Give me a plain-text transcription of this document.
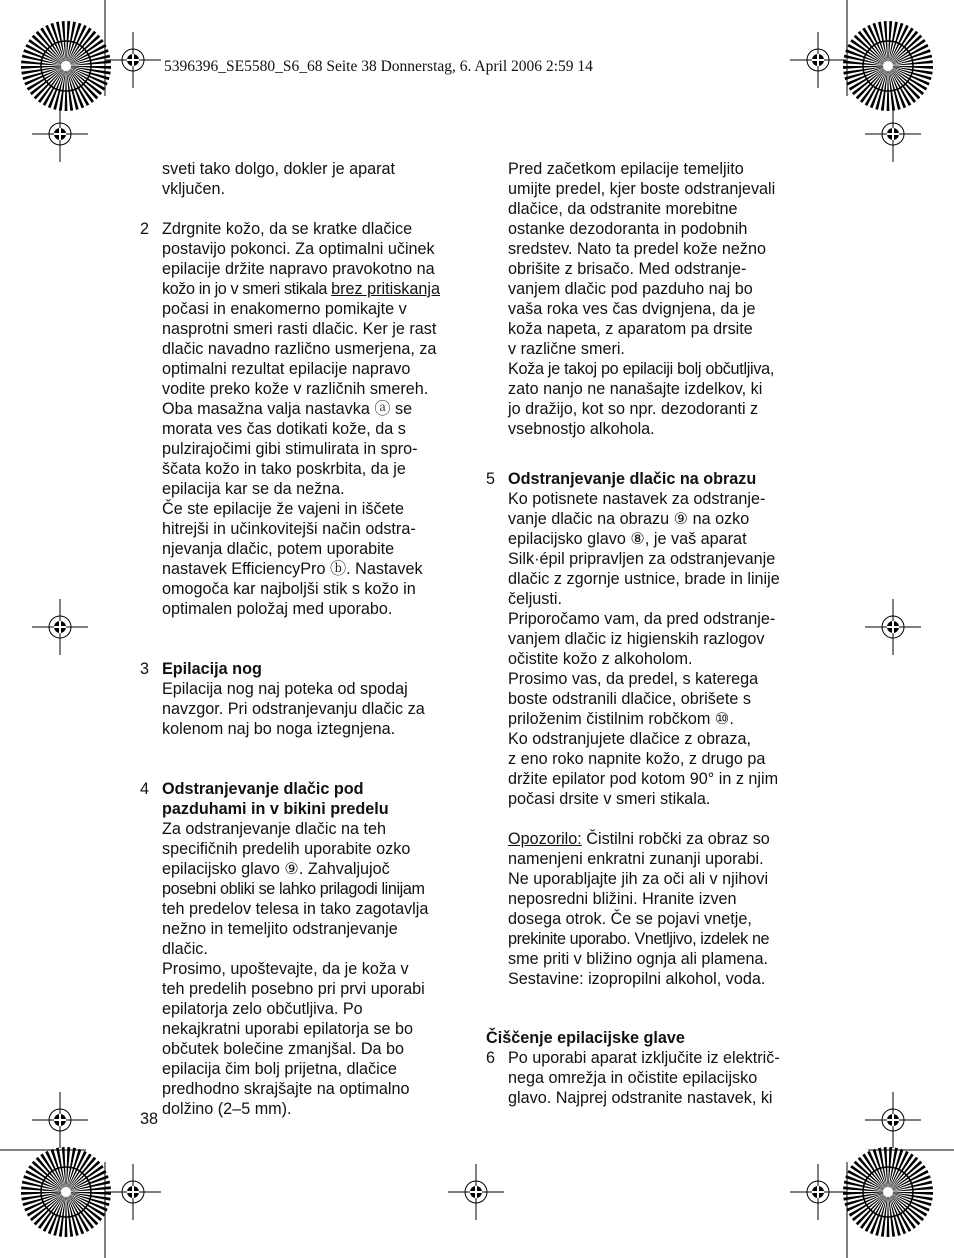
5396396_SE5580_S6_68 Seite 38 Donnerstag, 6. April 2006 2:59 14
sveti tako dolgo, dokler je aparat
vključen.
2 Zdrgnite kožo, da se kratke dlačice
postavijo pokonci. Za optimalni učinek
epilacije držite napravo pravokotno na
kožo in jo v smeri stikala brez pritiskanja
počasi in enakomerno pomikajte v
nasprotni smeri rasti dlačic. Ker je rast
dlačic navadno različno usmerjena, za
optimalni rezultat epilacije napravo
vodite preko kože v različnih smereh.
Oba masažna valja nastavka ⓐ se
morata ves čas dotikati kože, da s
pulzirajočimi gibi stimulirata in spro-
ščata kožo in tako poskrbita, da je
epilacija kar se da nežna.
Če ste epilacije že vajeni in iščete
hitrejši in učinkovitejši način odstra-
njevanja dlačic, potem uporabite
nastavek EfficiencyPro ⓑ. Nastavek
omogoča kar najboljši stik s kožo in
optimalen položaj med uporabo.
3 Epilacija nog
Epilacija nog naj poteka od spodaj
navzgor. Pri odstranjevanju dlačic za
kolenom naj bo noga iztegnjena.
4 Odstranjevanje dlačic pod
pazduhami in v bikini predelu
Za odstranjevanje dlačic na teh
specifičnih predelih uporabite ozko
epilacijsko glavo ⑨. Zahvaljujoč
posebni obliki se lahko prilagodi linijam
teh predelov telesa in tako zagotavlja
nežno in temeljito odstranjevanje
dlačic.
Prosimo, upoštevajte, da je koža v
teh predelih posebno pri prvi uporabi
epilatorja zelo občutljiva. Po
nekajkratni uporabi epilatorja se bo
občutek bolečine zmanjšal. Da bo
epilacija čim bolj prijetna, dlačice
predhodno skrajšajte na optimalno
dolžino (2–5 mm).
Pred začetkom epilacije temeljito
umijte predel, kjer boste odstranjevali
dlačice, da odstranite morebitne
ostanke dezodoranta in podobnih
sredstev. Nato ta predel kože nežno
obrišite z brisačo. Med odstranje-
vanjem dlačic pod pazduho naj bo
vaša roka ves čas dvignjena, da je
koža napeta, z aparatom pa drsite
v različne smeri.
Koža je takoj po epilaciji bolj občutljiva,
zato nanjo ne nanašajte izdelkov, ki
jo dražijo, kot so npr. dezodoranti z
vsebnostjo alkohola.
5 Odstranjevanje dlačic na obrazu
Ko potisnete nastavek za odstranje-
vanje dlačic na obrazu ⑨ na ozko
epilacijsko glavo ⑧, je vaš aparat
Silk·épil pripravljen za odstranjevanje
dlačic z zgornje ustnice, brade in linije
čeljusti.
Priporočamo vam, da pred odstranje-
vanjem dlačic iz higienskih razlogov
očistite kožo z alkoholom.
Prosimo vas, da predel, s katerega
boste odstranili dlačice, obrišete s
priloženim čistilnim robčkom ⑩.
Ko odstranjujete dlačice z obraza,
z eno roko napnite kožo, z drugo pa
držite epilator pod kotom 90° in z njim
počasi drsite v smeri stikala.
Opozorilo: Čistilni robčki za obraz so
namenjeni enkratni zunanji uporabi.
Ne uporabljajte jih za oči ali v njihovi
neposredni bližini. Hranite izven
dosega otrok. Če se pojavi vnetje,
prekinite uporabo. Vnetljivo, izdelek ne
sme priti v bližino ognja ali plamena.
Sestavine: izopropilni alkohol, voda.
Čiščenje epilacijske glave
6 Po uporabi aparat izključite iz električ-
nega omrežja in očistite epilacijsko
glavo. Najprej odstranite nastavek, ki
38
